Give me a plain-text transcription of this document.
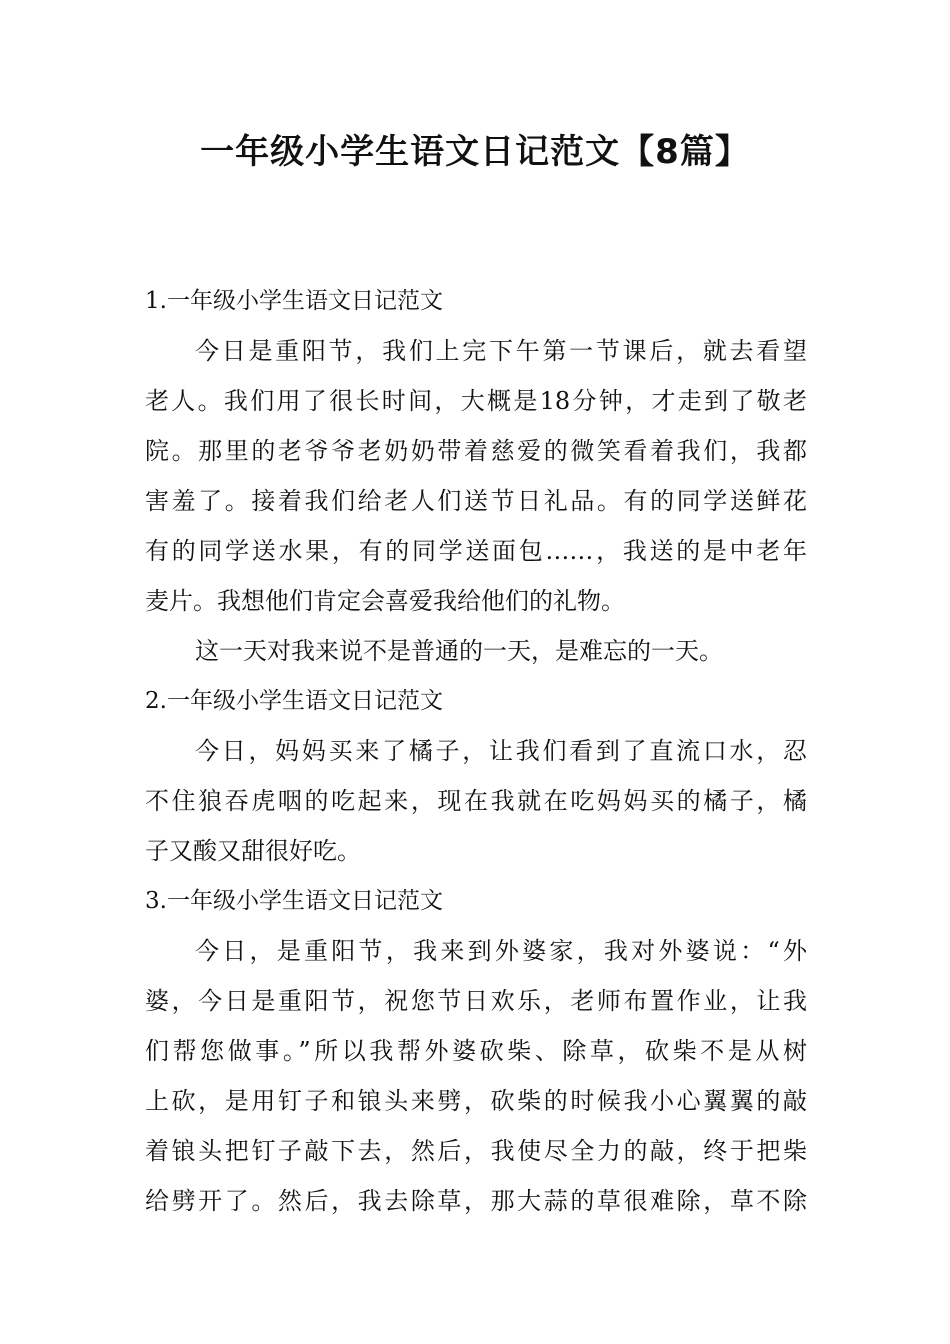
一年级小学生语文日记范文【8篇】
1.一年级小学生语文日记范文
今日是重阳节，我们上完下午第一节课后，就去看望
老人。我们用了很长时间，大概是18分钟，才走到了敬老
院。那里的老爷爷老奶奶带着慈爱的微笑看着我们，我都
害羞了。接着我们给老人们送节日礼品。有的同学送鲜花
有的同学送水果，有的同学送面包……，我送的是中老年
麦片。我想他们肯定会喜爱我给他们的礼物。
这一天对我来说不是普通的一天，是难忘的一天。
2.一年级小学生语文日记范文
今日，妈妈买来了橘子，让我们看到了直流口水，忍
不住狼吞虎咽的吃起来，现在我就在吃妈妈买的橘子，橘
子又酸又甜很好吃。
3.一年级小学生语文日记范文
今日，是重阳节，我来到外婆家，我对外婆说：“外
婆，今日是重阳节，祝您节日欢乐，老师布置作业，让我
们帮您做事。”所以我帮外婆砍柴、除草，砍柴不是从树
上砍，是用钉子和锒头来劈，砍柴的时候我小心翼翼的敲
着锒头把钉子敲下去，然后，我使尽全力的敲，终于把柴
给劈开了。然后，我去除草，那大蒜的草很难除，草不除
